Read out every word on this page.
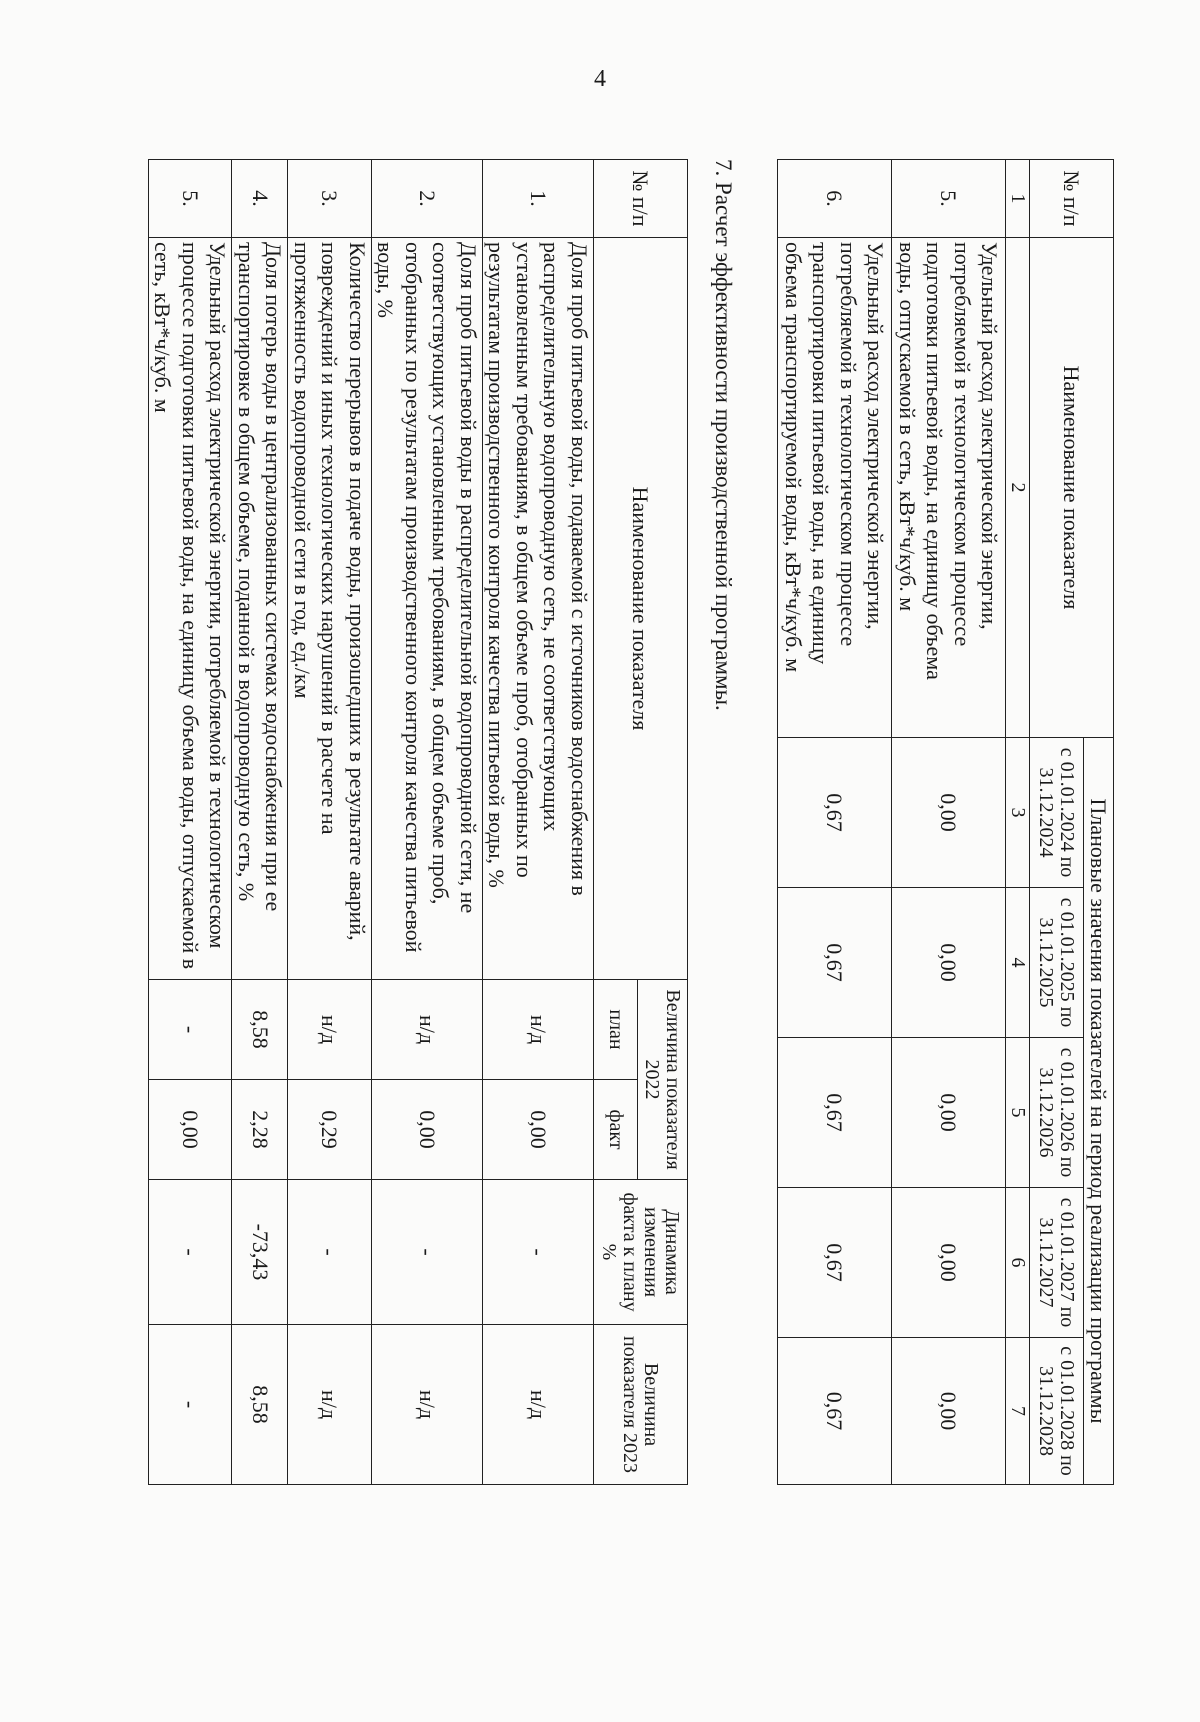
4
№ п/п	Наименование показателя	Плановые значения показателей на период реализации программы				
		с 01.01.2024 по 31.12.2024	с 01.01.2025 по 31.12.2025	с 01.01.2026 по 31.12.2026	с 01.01.2027 по 31.12.2027	с 01.01.2028 по 31.12.2028
1	2	3	4	5	6	7
5.	Удельный расход электрической энергии, потребляемой в технологическом процессе подготовки питьевой воды, на единицу объема воды, отпускаемой в сеть, кВт*ч/куб. м	0,00	0,00	0,00	0,00	0,00
6.	Удельный расход электрической энергии, потребляемой в технологическом процессе транспортировки питьевой воды, на единицу объема транспортируемой воды, кВт*ч/куб. м	0,67	0,67	0,67	0,67	0,67
7. Расчет эффективности производственной программы.
№ п/п	Наименование показателя	Величина показателя 2022		Динамика изменения факта к плану %	Величина показателя 2023
		план	факт		
1.	Доля проб питьевой воды, подаваемой с источников водоснабжения в распределительную водопроводную сеть, не соответствующих установленным требованиям, в общем объеме проб, отобранных по результатам производственного контроля качества питьевой воды, %	н/д	0,00	-	н/д
2.	Доля проб питьевой воды в распределительной водопроводной сети, не соответствующих установленным требованиям, в общем объеме проб, отобранных по результатам производственного контроля качества питьевой воды, %	н/д	0,00	-	н/д
3.	Количество перерывов в подаче воды, произошедших в результате аварий, повреждений и иных технологических нарушений в расчете на протяженность водопроводной сети в год, ед./км	н/д	0,29	-	н/д
4.	Доля потерь воды в централизованных системах водоснабжения при ее транспортировке в общем объеме, поданной в водопроводную сеть, %	8,58	2,28	-73,43	8,58
5.	Удельный расход электрической энергии, потребляемой в технологическом процессе подготовки питьевой воды, на единицу объема воды, отпускаемой в сеть, кВт*ч/куб. м	-	0,00	-	-
